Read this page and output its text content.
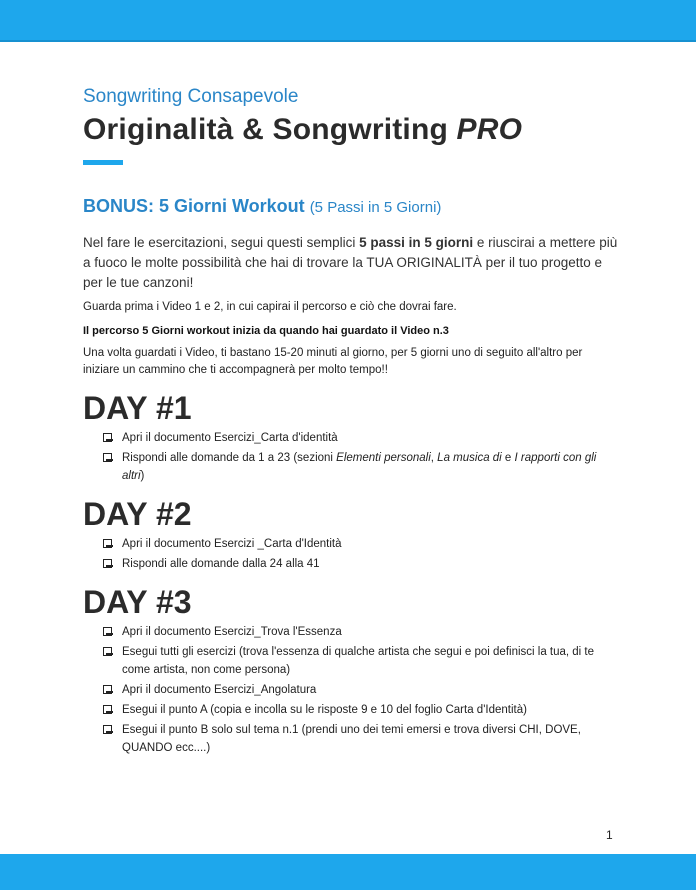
Songwriting Consapevole

Originalità & Songwriting PRO

BONUS: 5 Giorni Workout (5 Passi in 5 Giorni)
Nel fare le esercitazioni, segui questi semplici 5 passi in 5 giorni e riuscirai a mettere più a fuoco le molte possibilità che hai di trovare la TUA ORIGINALITÀ per il tuo progetto e per le tue canzoni!
Guarda prima i Video 1 e 2, in cui capirai il percorso e ciò che dovrai fare.
Il percorso 5 Giorni workout inizia da quando hai guardato il Video n.3
Una volta guardati i Video, ti bastano 15-20 minuti al giorno, per 5 giorni uno di seguito all'altro per iniziare un cammino che ti accompagnerà per molto tempo!!
DAY #1
Apri il documento Esercizi_Carta d'identità
Rispondi alle domande da 1 a 23 (sezioni Elementi personali, La musica di e I rapporti con gli altri)
DAY #2
Apri il documento Esercizi _Carta d'Identità
Rispondi alle domande dalla 24 alla 41
DAY #3
Apri il documento Esercizi_Trova l'Essenza
Esegui tutti gli esercizi (trova l'essenza di qualche artista che segui e poi definisci la tua, di te come artista, non come persona)
Apri il documento Esercizi_Angolatura
Esegui il punto A (copia e incolla su le risposte 9 e 10 del foglio Carta d'Identità)
Esegui il punto B solo sul tema n.1 (prendi uno dei temi emersi e trova diversi CHI, DOVE, QUANDO ecc....)
1
